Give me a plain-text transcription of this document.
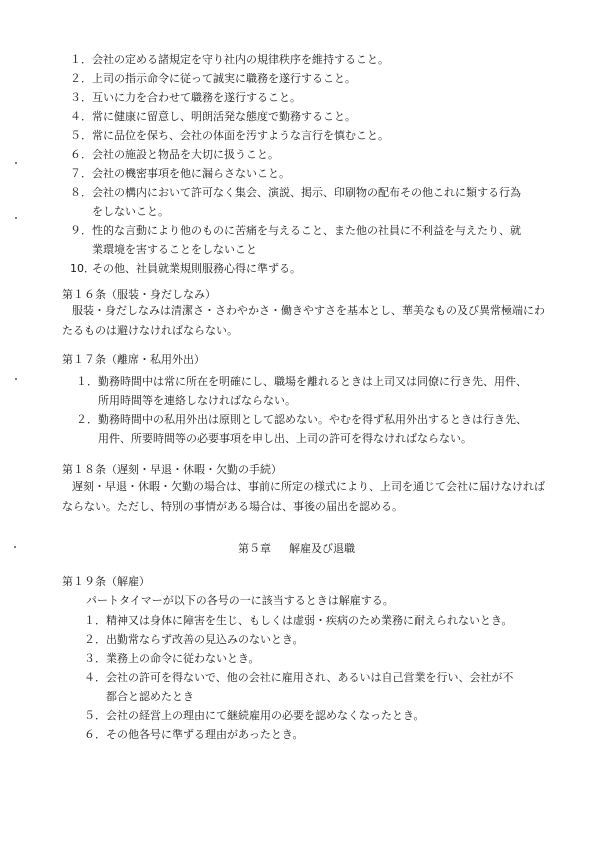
１． 会社の定める諸規定を守り社内の規律秩序を維持すること。
２． 上司の指示命令に従って誠実に職務を遂行すること。
３． 互いに力を合わせて職務を遂行すること。
４． 常に健康に留意し、明朗活発な態度で勤務すること。
５． 常に品位を保ち、会社の体面を汚すような言行を慎むこと。
６． 会社の施設と物品を大切に扱うこと。
７． 会社の機密事項を他に漏らさないこと。
８． 会社の構内において許可なく集会、演説、掲示、印刷物の配布その他これに類する行為
をしないこと。
９． 性的な言動により他のものに苦痛を与えること、また他の社員に不利益を与えたり、就
業環境を害することをしないこと
10．
その他、社員就業規則服務心得に準ずる。
第１６条（服装・身だしなみ）
服装・身だしなみは清潔さ・さわやかさ・働きやすさを基本とし、華美なもの及び異常極端にわ
たるものは避けなければならない。
第１７条（離席・私用外出）
１． 勤務時間中は常に所在を明確にし、職場を離れるときは上司又は同僚に行き先、用件、
所用時間等を連絡しなければならない。
２． 勤務時間中の私用外出は原則として認めない。やむを得ず私用外出するときは行き先、
用件、所要時間等の必要事項を申し出、上司の許可を得なければならない。
第１８条（遅刻・早退・休暇・欠勤の手続）
遅刻・早退・休暇・欠勤の場合は、事前に所定の様式により、上司を通じて会社に届けなければ
ならない。ただし、特別の事情がある場合は、事後の届出を認める。
第５章 解雇及び退職
第１９条（解雇）
パートタイマーが以下の各号の一に該当するときは解雇する。
１． 精神又は身体に障害を生じ、もしくは虚弱・疾病のため業務に耐えられないとき。
２． 出勤常ならず改善の見込みのないとき。
３． 業務上の命令に従わないとき。
４． 会社の許可を得ないで、他の会社に雇用され、あるいは自己営業を行い、会社が不
都合と認めたとき
５． 会社の経営上の理由にて継続雇用の必要を認めなくなったとき。
６． その他各号に準ずる理由があったとき。
